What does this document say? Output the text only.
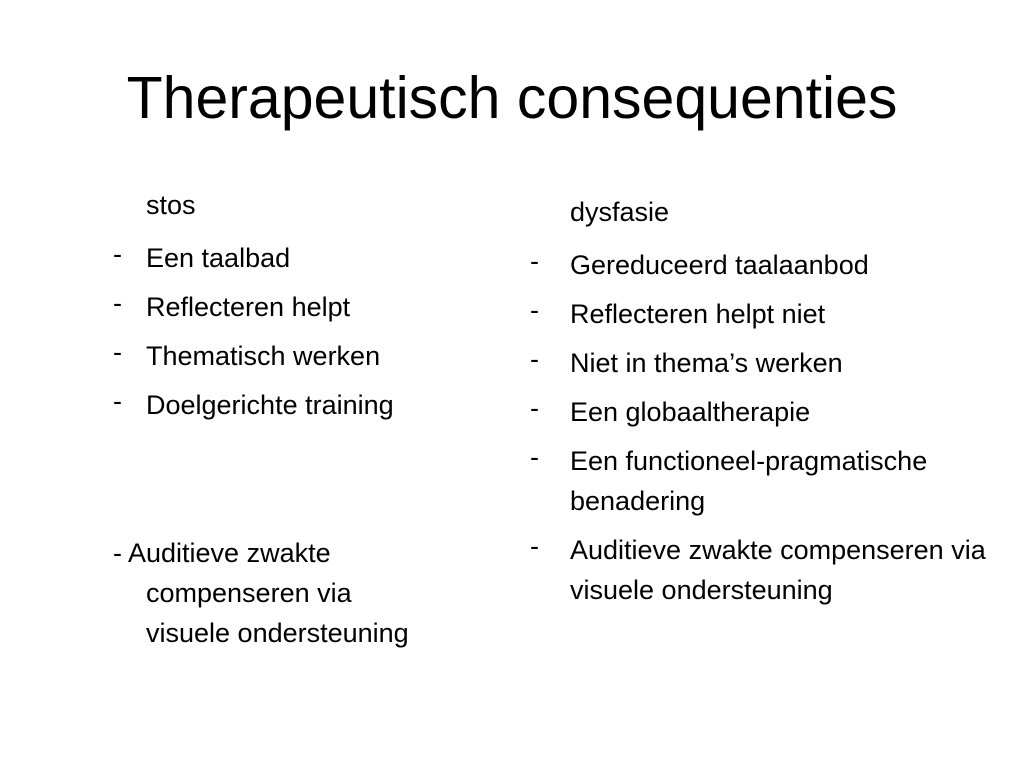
Therapeutisch consequenties
stos
- Een taalbad
- Reflecteren helpt
- Thematisch werken
- Doelgerichte training
- Auditieve zwakte
compenseren via
visuele ondersteuning
dysfasie
-	Gereduceerd taalaanbod
-	Reflecteren helpt niet
-	Niet in thema’s werken
-	Een globaaltherapie
-	Een functioneel-pragmatische benadering
-	Auditieve zwakte compenseren via visuele ondersteuning
